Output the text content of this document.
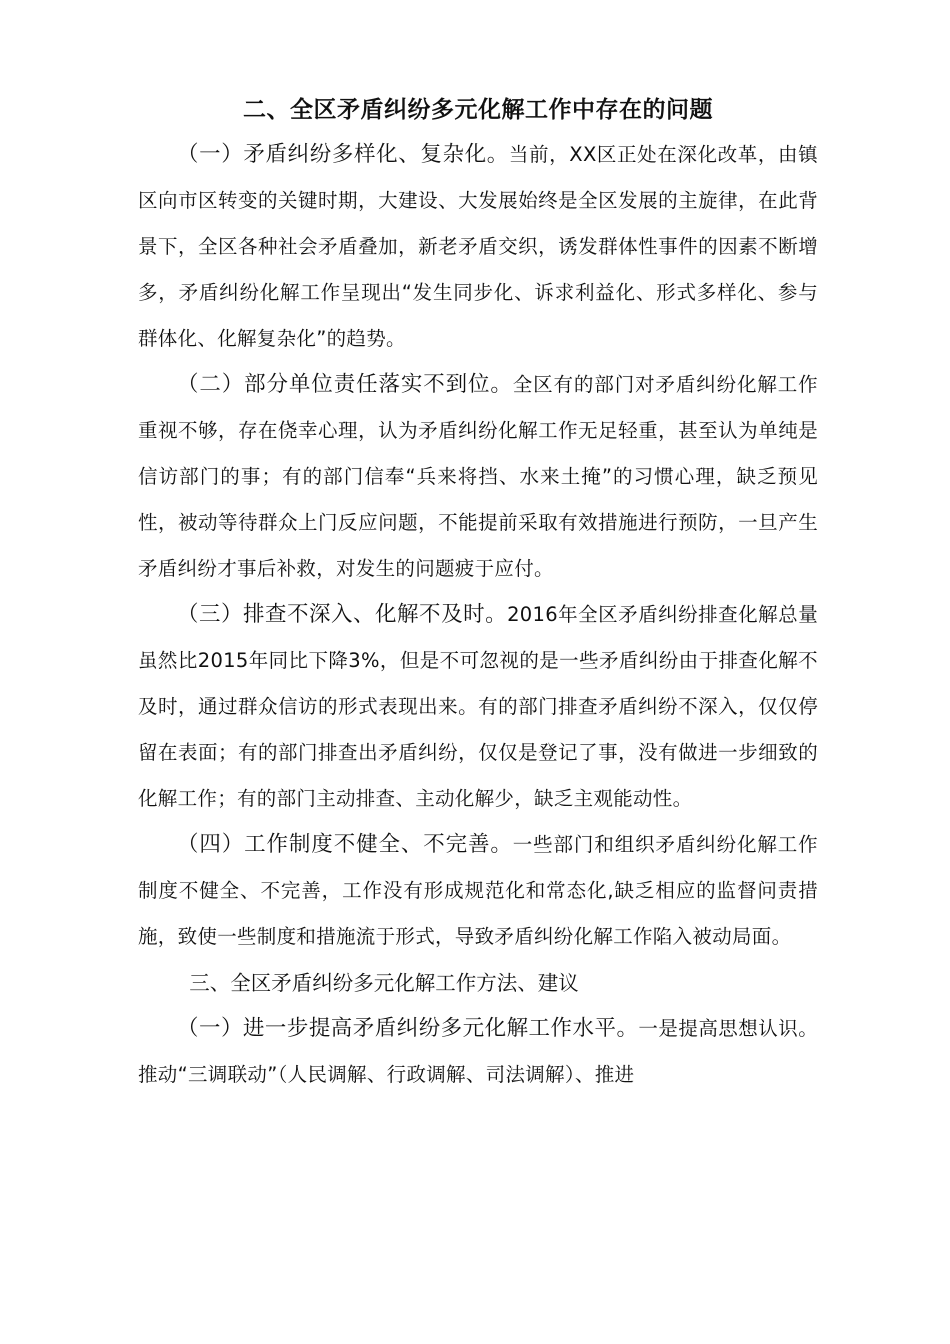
二、全区矛盾纠纷多元化解工作中存在的问题

（一）矛盾纠纷多样化、复杂化。当前，XX区正处在深化改革，由镇区向市区转变的关键时期，大建设、大发展始终是全区发展的主旋律，在此背景下，全区各种社会矛盾叠加，新老矛盾交织，诱发群体性事件的因素不断增多，矛盾纠纷化解工作呈现出“发生同步化、诉求利益化、形式多样化、参与群体化、化解复杂化”的趋势。

（二）部分单位责任落实不到位。全区有的部门对矛盾纠纷化解工作重视不够，存在侥幸心理，认为矛盾纠纷化解工作无足轻重，甚至认为单纯是信访部门的事；有的部门信奉“兵来将挡、水来土掩”的习惯心理，缺乏预见性，被动等待群众上门反应问题，不能提前采取有效措施进行预防，一旦产生矛盾纠纷才事后补救，对发生的问题疲于应付。

（三）排查不深入、化解不及时。2016年全区矛盾纠纷排查化解总量虽然比2015年同比下降3%，但是不可忽视的是一些矛盾纠纷由于排查化解不及时，通过群众信访的形式表现出来。有的部门排查矛盾纠纷不深入，仅仅停留在表面；有的部门排查出矛盾纠纷，仅仅是登记了事，没有做进一步细致的化解工作；有的部门主动排查、主动化解少，缺乏主观能动性。

（四）工作制度不健全、不完善。一些部门和组织矛盾纠纷化解工作制度不健全、不完善，工作没有形成规范化和常态化,缺乏相应的监督问责措施，致使一些制度和措施流于形式，导致矛盾纠纷化解工作陷入被动局面。

三、全区矛盾纠纷多元化解工作方法、建议

（一）进一步提高矛盾纠纷多元化解工作水平。一是提高思想认识。推动“三调联动”（人民调解、行政调解、司法调解）、推进
